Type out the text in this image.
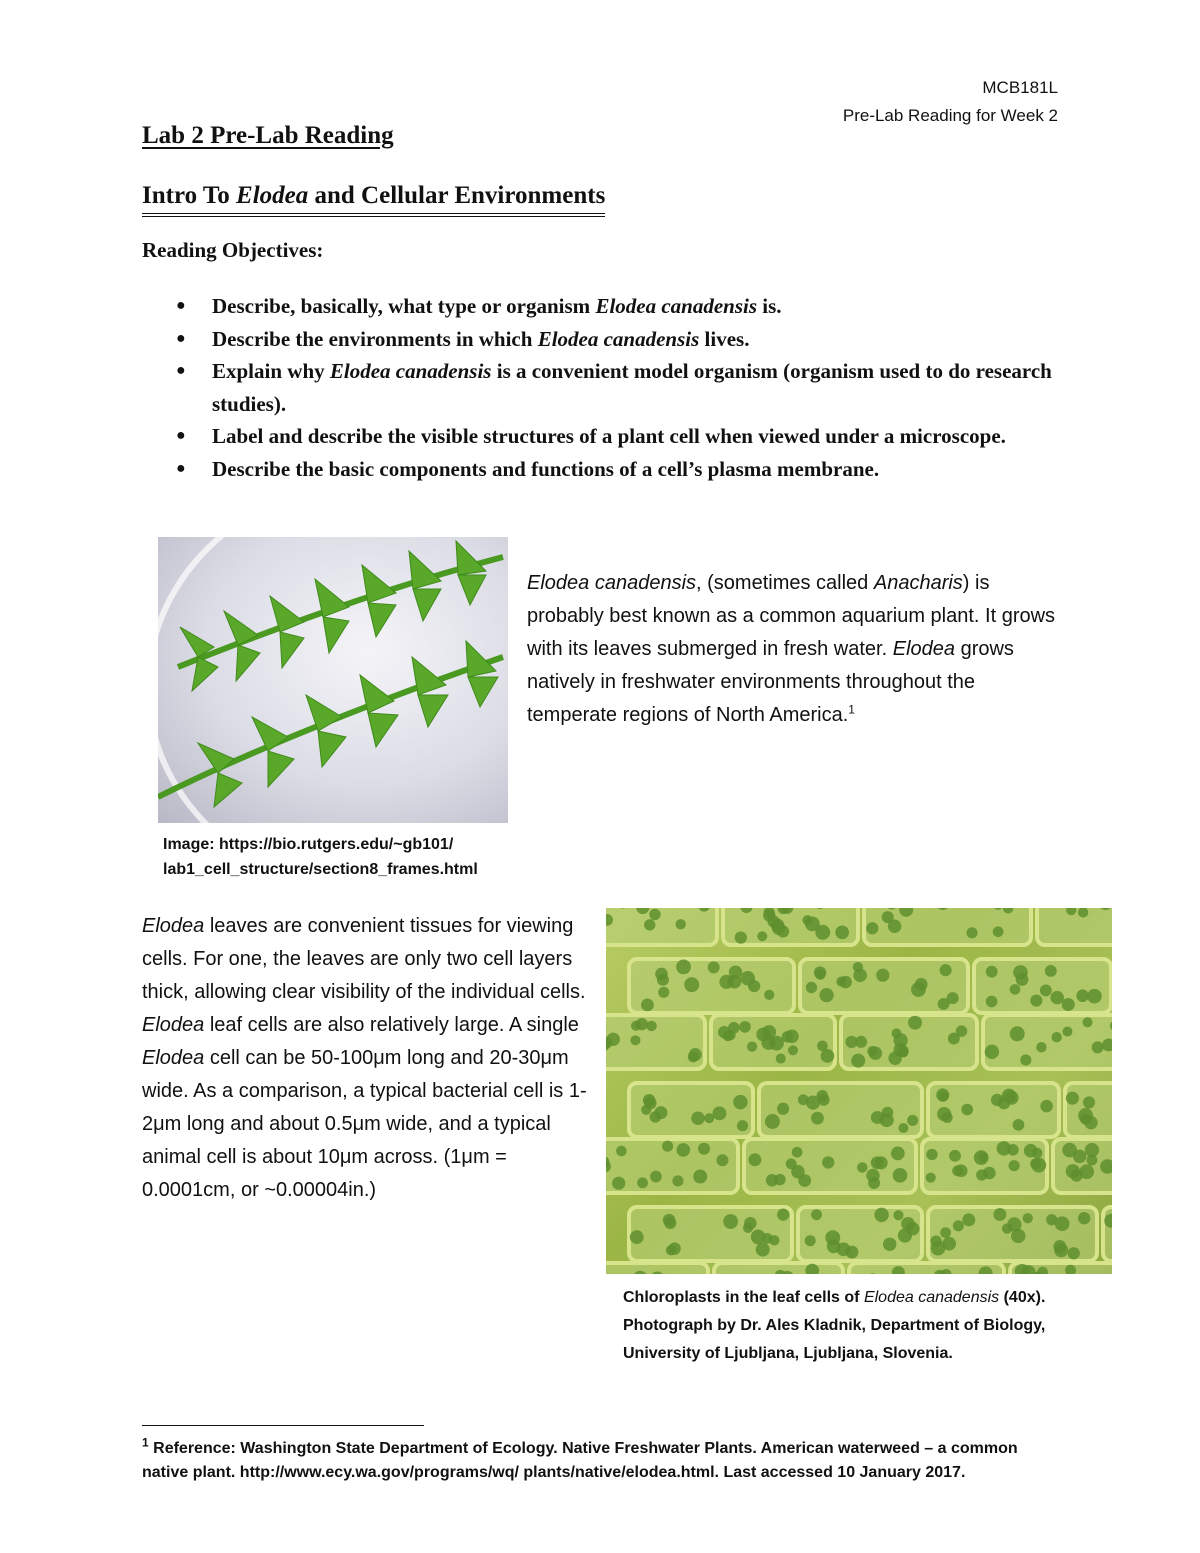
MCB181L
Pre-Lab Reading for Week 2
Lab 2 Pre-Lab Reading
Intro To Elodea and Cellular Environments
Reading Objectives:
● Describe, basically, what type or organism Elodea canadensis is.
● Describe the environments in which Elodea canadensis lives.
● Explain why Elodea canadensis is a convenient model organism (organism used to do research studies).
● Label and describe the visible structures of a plant cell when viewed under a microscope.
● Describe the basic components and functions of a cell’s plasma membrane.
Image: https://bio.rutgers.edu/~gb101/
lab1_cell_structure/section8_frames.html
Elodea canadensis, (sometimes called Anacharis) is probably best known as a common aquarium plant. It grows with its leaves submerged in fresh water. Elodea grows natively in freshwater environments throughout the temperate regions of North America.$^1$
Elodea leaves are convenient tissues for viewing cells. For one, the leaves are only two cell layers thick, allowing clear visibility of the individual cells. Elodea leaf cells are also relatively large. A single Elodea cell can be 50-100μm long and 20-30μm wide. As a comparison, a typical bacterial cell is 1-2μm long and about 0.5μm wide, and a typical animal cell is about 10μm across. (1μm = 0.0001cm, or ~0.00004in.)
Chloroplasts in the leaf cells of Elodea canadensis (40x). Photograph by Dr. Ales Kladnik, Department of Biology, University of Ljubljana, Ljubljana, Slovenia.
$^1$ Reference: Washington State Department of Ecology. Native Freshwater Plants. American waterweed – a common native plant. http://www.ecy.wa.gov/programs/wq/ plants/native/elodea.html. Last accessed 10 January 2017.
